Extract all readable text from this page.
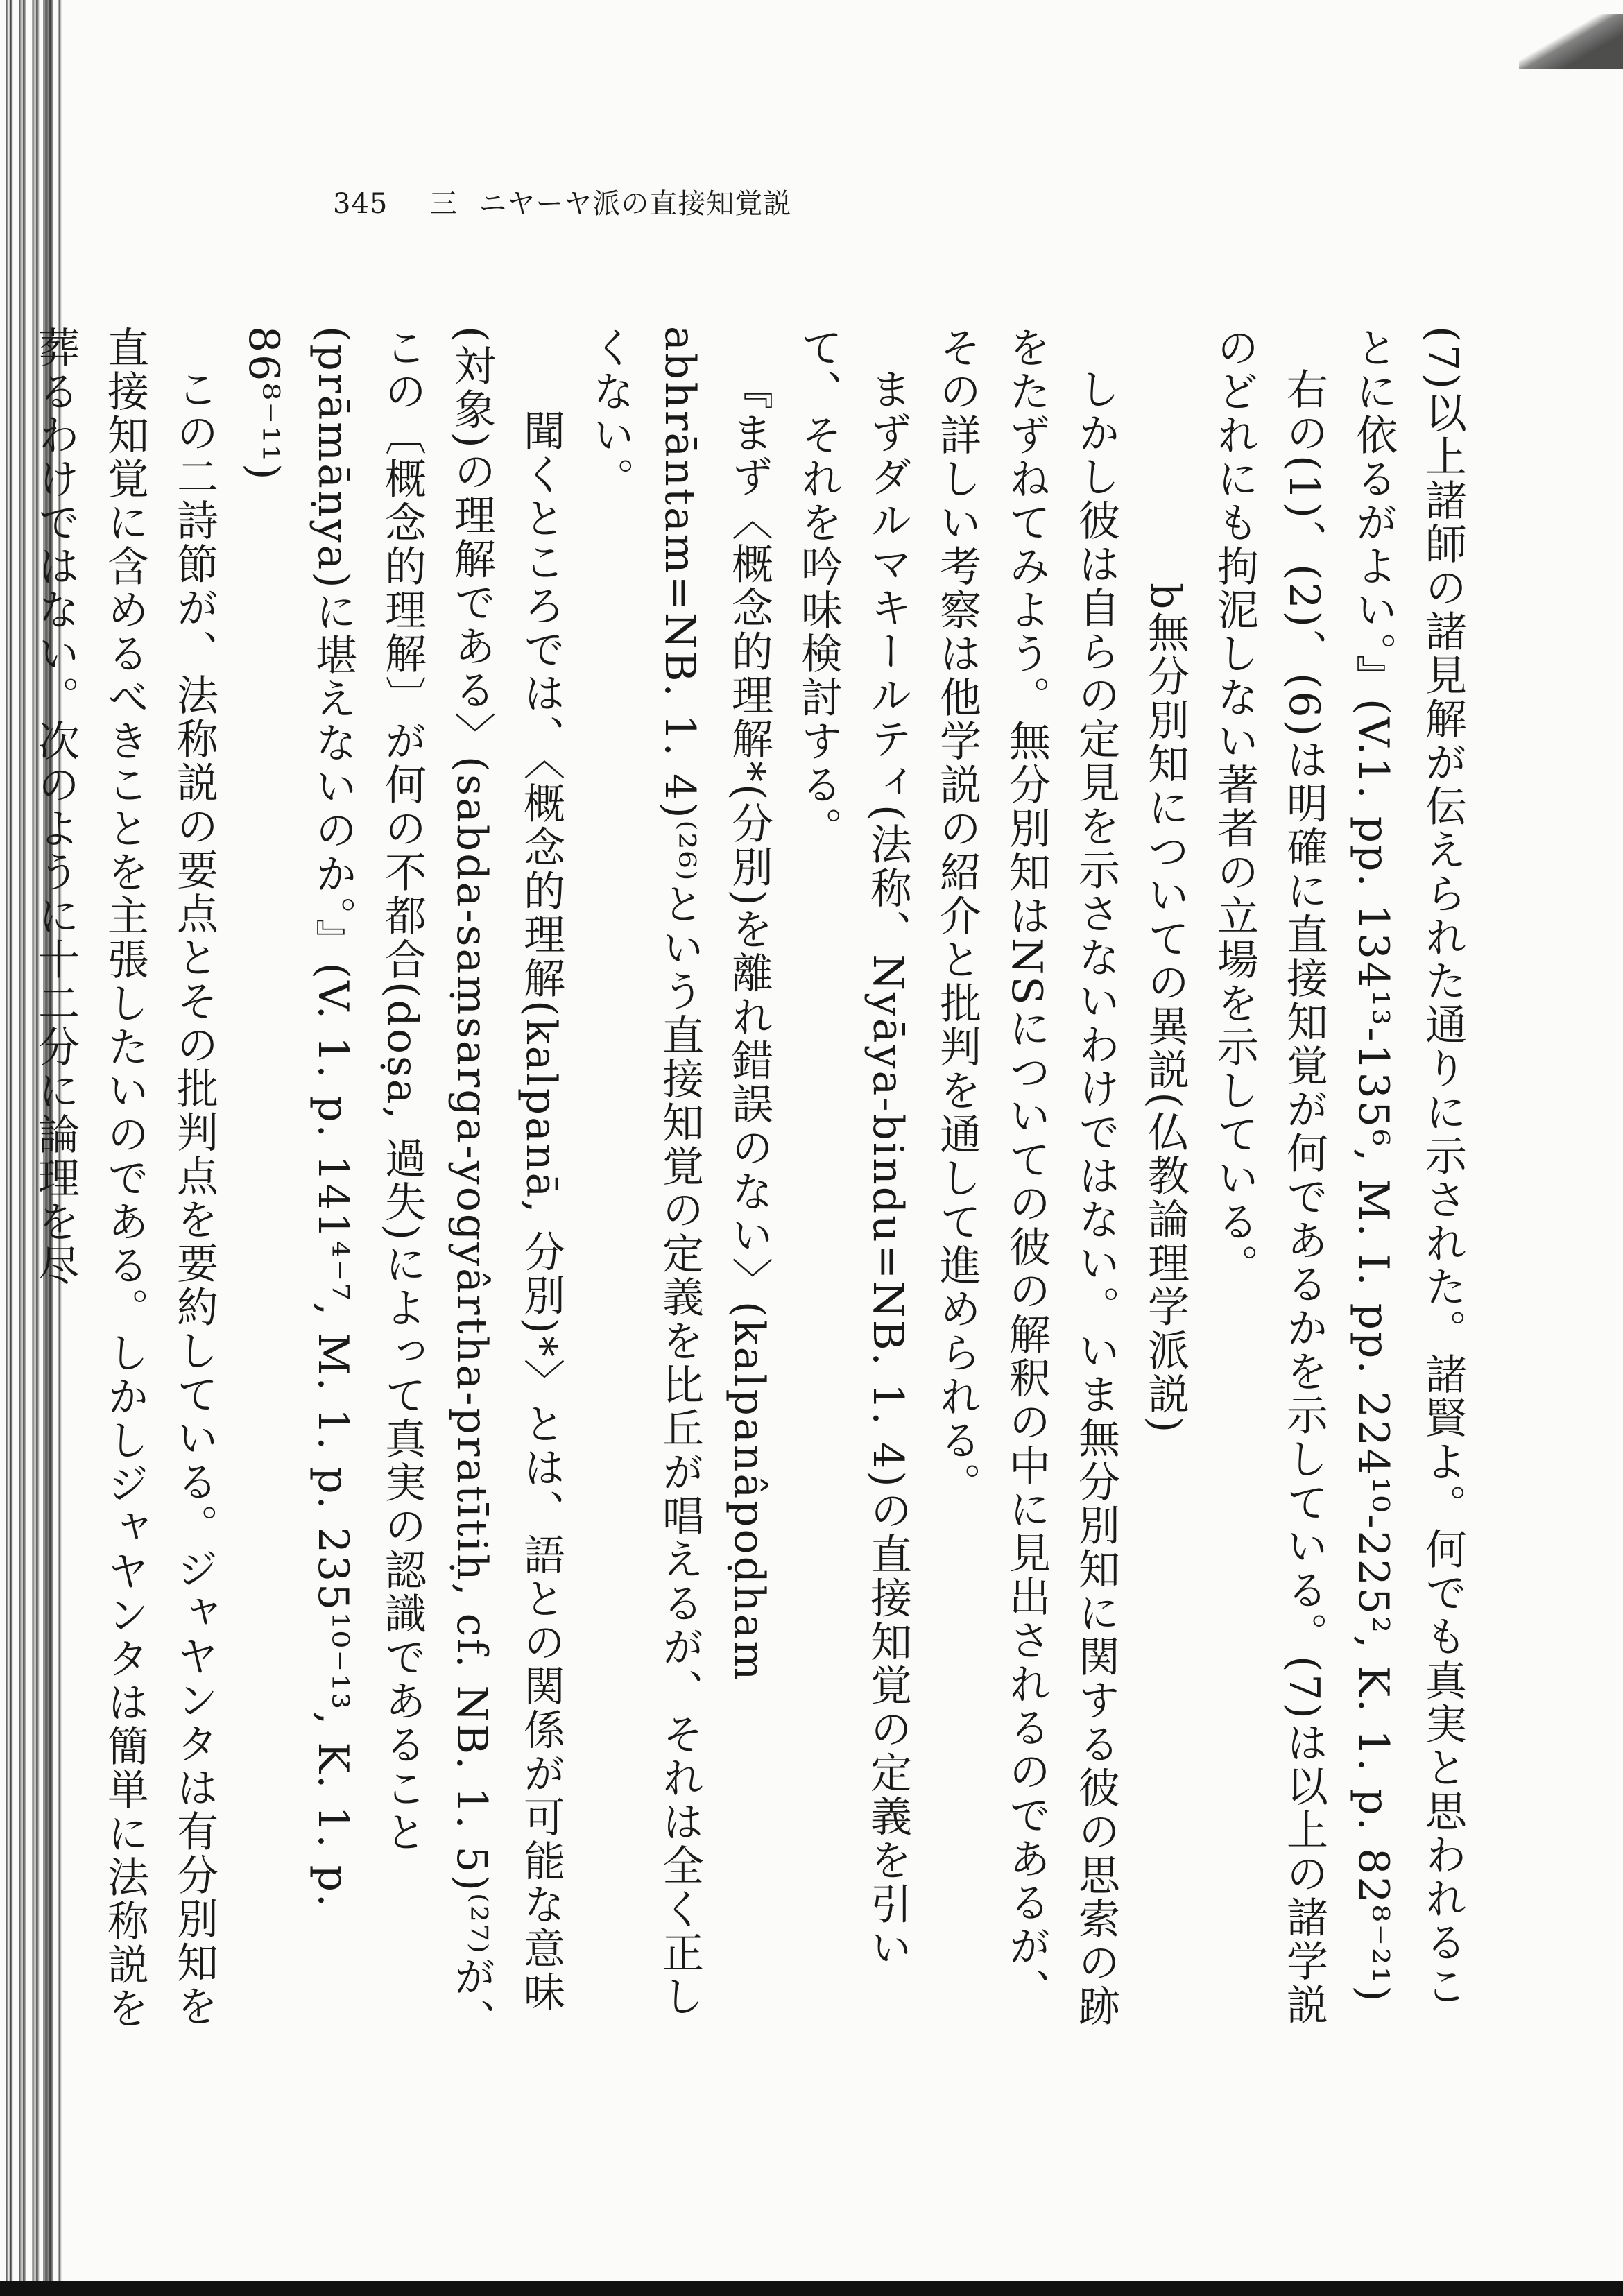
345 三 ニヤーヤ派の直接知覚説

(7)以上諸師の諸見解が伝えられた通りに示された。諸賢よ。何でも真実と思われることに依るがよい。』(V.1. pp. 134¹³-135⁶, M. I. pp. 224¹⁰-225², K. 1. p. 82⁸⁻²¹)

右の(1)、(2)、(6)は明確に直接知覚が何であるかを示している。(7)は以上の諸学説のどれにも拘泥しない著者の立場を示している。

b無分別知についての異説(仏教論理学派説)

しかし彼は自らの定見を示さないわけではない。いま無分別知に関する彼の思索の跡をたずねてみよう。無分別知はNSについての彼の解釈の中に見出されるのであるが、その詳しい考察は他学説の紹介と批判を通して進められる。

まずダルマキールティ(法称、Nyāya-bindu=NB. 1. 4)の直接知覚の定義を引いて、それを吟味検討する。

『まず〈概念的理解*(分別)を離れ錯誤のない〉(kalpanâpoḍham abhrāntam=NB. 1. 4)⁽²⁶⁾という直接知覚の定義を比丘が唱えるが、それは全く正しくない。

聞くところでは、〈概念的理解(kalpanā, 分別)*〉とは、語との関係が可能な意味(対象)の理解である〉(sabda-saṃsarga-yogyârtha-pratītiḥ, cf. NB. 1. 5)⁽²⁷⁾が、この〔概念的理解〕が何の不都合(doṣa, 過失)によって真実の認識であること(prāmāṇya)に堪えないのか。』(V. 1. p. 141⁴⁻⁷, M. 1. p. 235¹⁰⁻¹³, K. 1. p. 86⁸⁻¹¹)

この二詩節が、法称説の要点とその批判点を要約している。ジャヤンタは有分別知を直接知覚に含めるべきことを主張したいのである。しかしジャヤンタは簡単に法称説を葬るわけではない。次のように十二分に論理を尽
